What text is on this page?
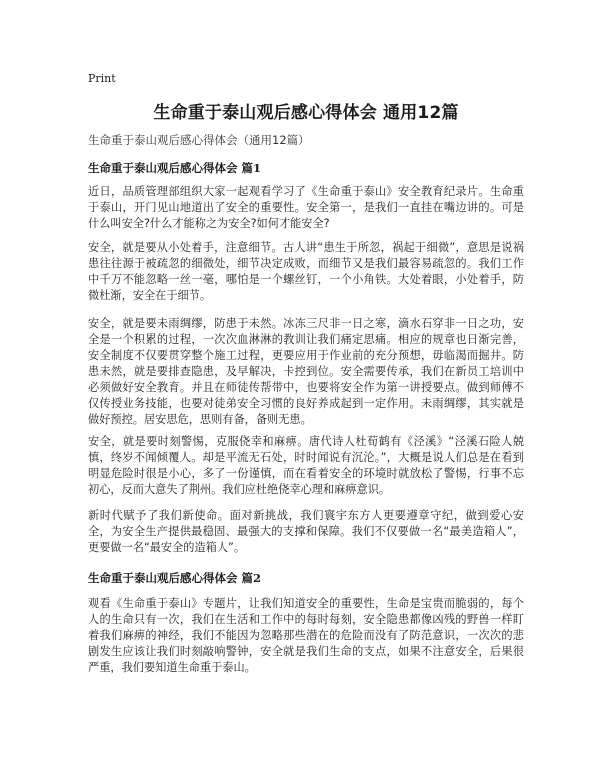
Print
生命重于泰山观后感心得体会 通用12篇
生命重于泰山观后感心得体会（通用12篇）
生命重于泰山观后感心得体会 篇1

近日，品质管理部组织大家一起观看学习了《生命重于泰山》安全教育纪录片。生命重于泰山，开门见山地道出了安全的重要性。安全第一，是我们一直挂在嘴边讲的。可是什么叫安全?什么才能称之为安全?如何才能安全?

安全，就是要从小处着手，注意细节。古人讲“患生于所忽，祸起于细微”，意思是说祸患往往源于被疏忽的细微处，细节决定成败，而细节又是我们最容易疏忽的。我们工作中千万不能忽略一丝一毫，哪怕是一个螺丝钉，一个小角铁。大处着眼，小处着手，防微杜渐，安全在于细节。

安全，就是要未雨绸缪，防患于未然。冰冻三尺非一日之寒，滴水石穿非一日之功，安全是一个积累的过程，一次次血淋淋的教训让我们痛定思痛。相应的规章也日渐完善，安全制度不仅要贯穿整个施工过程，更要应用于作业前的充分预想，毋临渴而掘井。防患未然，就是要排查隐患，及早解决，卡控到位。安全需要传承，我们在新员工培训中必须做好安全教育。并且在师徒传帮带中，也要将安全作为第一讲授要点。做到师傅不仅传授业务技能，也要对徒弟安全习惯的良好养成起到一定作用。未雨绸缪，其实就是做好预控。居安思危，思则有备，备则无患。

安全，就是要时刻警惕，克服侥幸和麻痹。唐代诗人杜荀鹤有《泾溪》“泾溪石险人兢慎，终岁不闻倾覆人。却是平流无石处，时时闻说有沉沦。”，大概是说人们总是在看到明显危险时很是小心，多了一份谨慎，而在看着安全的环境时就放松了警惕，行事不忘初心，反而大意失了荆州。我们应杜绝侥幸心理和麻痹意识。

新时代赋予了我们新使命。面对新挑战，我们寰宇东方人更要遵章守纪，做到爱心安全，为安全生产提供最稳固、最强大的支撑和保障。我们不仅要做一名“最美造箱人”，更要做一名“最安全的造箱人”。

生命重于泰山观后感心得体会 篇2

观看《生命重于泰山》专题片，让我们知道安全的重要性，生命是宝贵而脆弱的，每个人的生命只有一次，我们在生活和工作中的每时每刻，安全隐患都像凶残的野兽一样盯着我们麻痹的神经，我们不能因为忽略那些潜在的危险而没有了防范意识，一次次的悲剧发生应该让我们时刻敲响警钟，安全就是我们生命的支点，如果不注意安全，后果很严重，我们要知道生命重于泰山。
